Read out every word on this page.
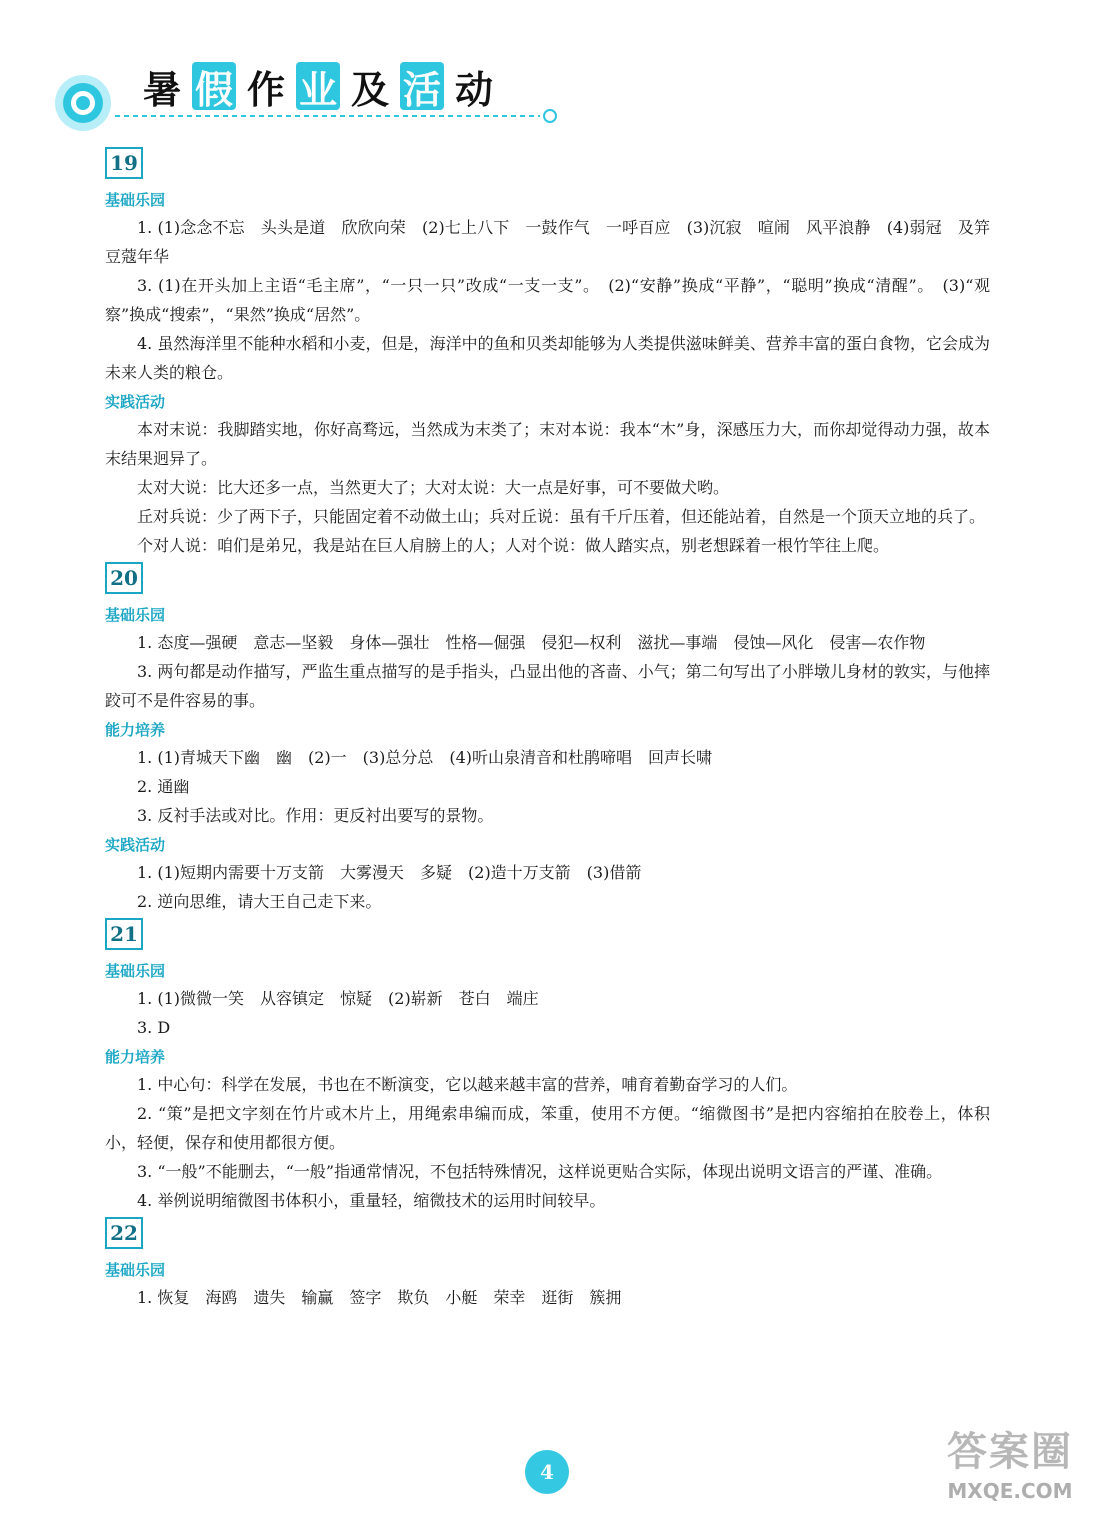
暑 假 作 业 及 活 动
19
基础乐园

1. (1)念念不忘　头头是道　欣欣向荣　(2)七上八下　一鼓作气　一呼百应　(3)沉寂　喧闹　风平浪静　(4)弱冠　及笄　豆蔻年华

3. (1)在开头加上主语“毛主席”，“一只一只”改成“一支一支”。　(2)“安静”换成“平静”，“聪明”换成“清醒”。　(3)“观察”换成“搜索”，“果然”换成“居然”。

4. 虽然海洋里不能种水稻和小麦，但是，海洋中的鱼和贝类却能够为人类提供滋味鲜美、营养丰富的蛋白食物，它会成为未来人类的粮仓。

实践活动

本对末说：我脚踏实地，你好高骛远，当然成为末类了；末对本说：我本“木”身，深感压力大，而你却觉得动力强，故本末结果迥异了。

太对大说：比大还多一点，当然更大了；大对太说：大一点是好事，可不要做犬哟。

丘对兵说：少了两下子，只能固定着不动做土山；兵对丘说：虽有千斤压着，但还能站着，自然是一个顶天立地的兵了。

个对人说：咱们是弟兄，我是站在巨人肩膀上的人；人对个说：做人踏实点，别老想踩着一根竹竿往上爬。

20
基础乐园

1. 态度—强硬　意志—坚毅　身体—强壮　性格—倔强　侵犯—权利　滋扰—事端　侵蚀—风化　侵害—农作物

3. 两句都是动作描写，严监生重点描写的是手指头，凸显出他的吝啬、小气；第二句写出了小胖墩儿身材的敦实，与他摔跤可不是件容易的事。

能力培养

1. (1)青城天下幽　幽　(2)一　(3)总分总　(4)听山泉清音和杜鹃啼唱　回声长啸

2. 通幽

3. 反衬手法或对比。作用：更反衬出要写的景物。

实践活动

1. (1)短期内需要十万支箭　大雾漫天　多疑　(2)造十万支箭　(3)借箭

2. 逆向思维，请大王自己走下来。

21
基础乐园

1. (1)微微一笑　从容镇定　惊疑　(2)崭新　苍白　端庄

3. D

能力培养

1. 中心句：科学在发展，书也在不断演变，它以越来越丰富的营养，哺育着勤奋学习的人们。

2. “策”是把文字刻在竹片或木片上，用绳索串编而成，笨重，使用不方便。“缩微图书”是把内容缩拍在胶卷上，体积小，轻便，保存和使用都很方便。

3. “一般”不能删去，“一般”指通常情况，不包括特殊情况，这样说更贴合实际，体现出说明文语言的严谨、准确。

4. 举例说明缩微图书体积小，重量轻，缩微技术的运用时间较早。

22
基础乐园

1. 恢复　海鸥　遗失　输赢　签字　欺负　小艇　荣幸　逛街　簇拥

4	答案圈
MXQE.COM
